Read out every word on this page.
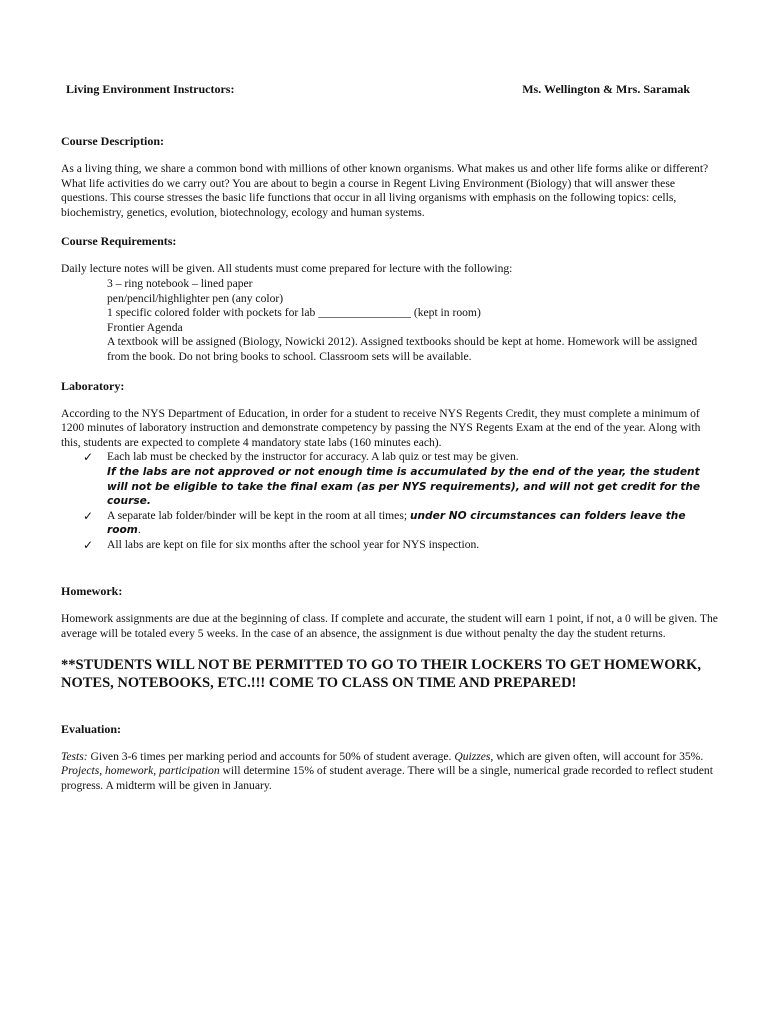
Living Environment Instructors:	Ms. Wellington & Mrs. Saramak
Course Description:

As a living thing, we share a common bond with millions of other known organisms. What makes us and other life forms alike or different? What life activities do we carry out? You are about to begin a course in Regent Living Environment (Biology) that will answer these questions. This course stresses the basic life functions that occur in all living organisms with emphasis on the following topics: cells, biochemistry, genetics, evolution, biotechnology, ecology and human systems.

Course Requirements:

Daily lecture notes will be given. All students must come prepared for lecture with the following:

3 – ring notebook – lined paper

pen/pencil/highlighter pen (any color)

1 specific colored folder with pockets for lab ________________ (kept in room)

Frontier Agenda

A textbook will be assigned (Biology, Nowicki 2012). Assigned textbooks should be kept at home. Homework will be assigned from the book. Do not bring books to school. Classroom sets will be available.

Laboratory:

According to the NYS Department of Education, in order for a student to receive NYS Regents Credit, they must complete a minimum of 1200 minutes of laboratory instruction and demonstrate competency by passing the NYS Regents Exam at the end of the year. Along with this, students are expected to complete 4 mandatory state labs (160 minutes each).

✓ Each lab must be checked by the instructor for accuracy. A lab quiz or test may be given.
If the labs are not approved or not enough time is accumulated by the end of the year, the student will not be eligible to take the final exam (as per NYS requirements), and will not get credit for the course.
✓ A separate lab folder/binder will be kept in the room at all times; under NO circumstances can folders leave the room.
✓ All labs are kept on file for six months after the school year for NYS inspection.
Homework:

Homework assignments are due at the beginning of class. If complete and accurate, the student will earn 1 point, if not, a 0 will be given. The average will be totaled every 5 weeks. In the case of an absence, the assignment is due without penalty the day the student returns.

**STUDENTS WILL NOT BE PERMITTED TO GO TO THEIR LOCKERS TO GET HOMEWORK, NOTES, NOTEBOOKS, ETC.!!! COME TO CLASS ON TIME AND PREPARED!

Evaluation:

Tests: Given 3-6 times per marking period and accounts for 50% of student average. Quizzes, which are given often, will account for 35%. Projects, homework, participation will determine 15% of student average. There will be a single, numerical grade recorded to reflect student progress. A midterm will be given in January.
